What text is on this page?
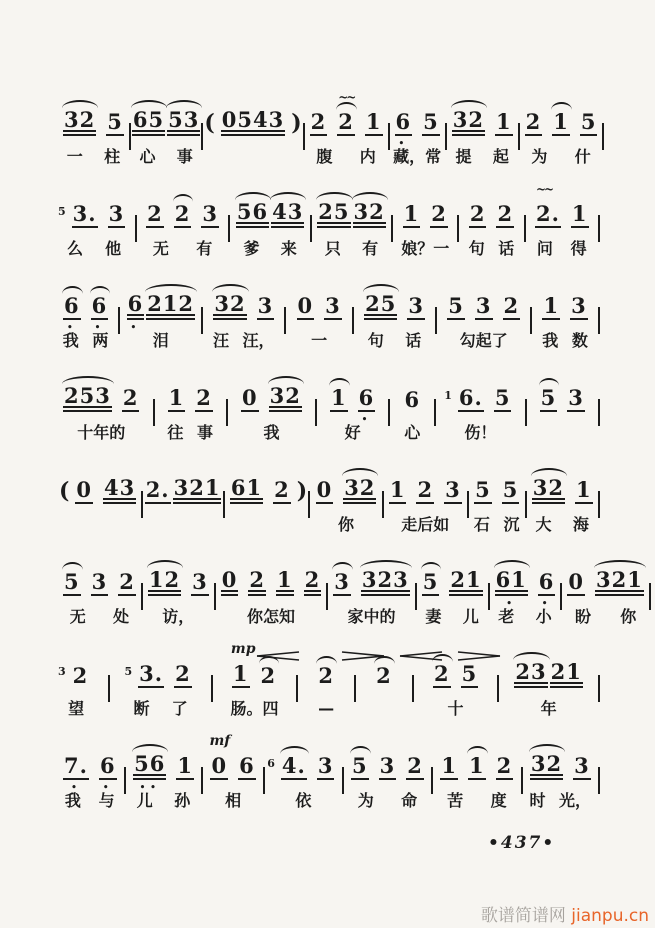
32 5
一 柱
65 53
心 事
( 0543 ) 2
~~
2 1
腹 内
6
•
5
藏，常
32 1
提 起
2 1 5
为 什
5 3. 3
么 他
2 2 3
无 有
56 43
爹 来
25 32
只 有
1 2
娘？一
2 2
句 话
~~
2. 1
问 得
6
•
6
•
我 两
6
•
212
泪
32 3
汪 汪，
0 3
一
25 3
句 话
5 3 2
勾起了
1 3
我 数
253 2
十年的
1 2
往 事
0 32
我
1 6
•
好
6
心
1 6. 5
伤！
5 3
( 0 43 2. 321 61 2 ) 0 32
你
1 2 3
走后如
5 5
石 沉
32 1
大 海
5 3 2
无 处
12 3
访，
0 2 1 2
你怎知
3 323
家中的
5 21
妻 儿
61
•
6
•
老 小
0 321
盼 你
3 2
望
5 3. 2
断 了
mp
1 2
肠。四
2
—
2 2 5
十
23 21
年
7.
•
6
•
我 与
56
••
1
儿 孙
mf
0 6
相
6 4. 3
依
5 3 2
为 命
1 1 2
苦 度
32 3
时 光，
•437•
歌谱简谱网 jianpu.cn
